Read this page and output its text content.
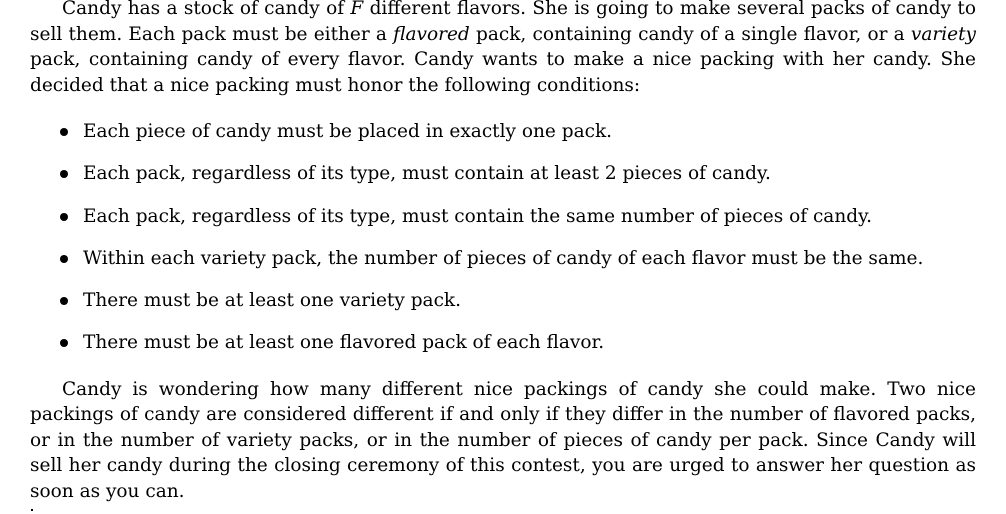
Candy has a stock of candy of F different flavors. She is going to make several packs of candy to sell them. Each pack must be either a flavored pack, containing candy of a single flavor, or a variety pack, containing candy of every flavor. Candy wants to make a nice packing with her candy. She decided that a nice packing must honor the following conditions:

Each piece of candy must be placed in exactly one pack.
Each pack, regardless of its type, must contain at least 2 pieces of candy.
Each pack, regardless of its type, must contain the same number of pieces of candy.
Within each variety pack, the number of pieces of candy of each flavor must be the same.
There must be at least one variety pack.
There must be at least one flavored pack of each flavor.

Candy is wondering how many different nice packings of candy she could make. Two nice packings of candy are considered different if and only if they differ in the number of flavored packs, or in the number of variety packs, or in the number of pieces of candy per pack. Since Candy will sell her candy during the closing ceremony of this contest, you are urged to answer her question as soon as you can.
